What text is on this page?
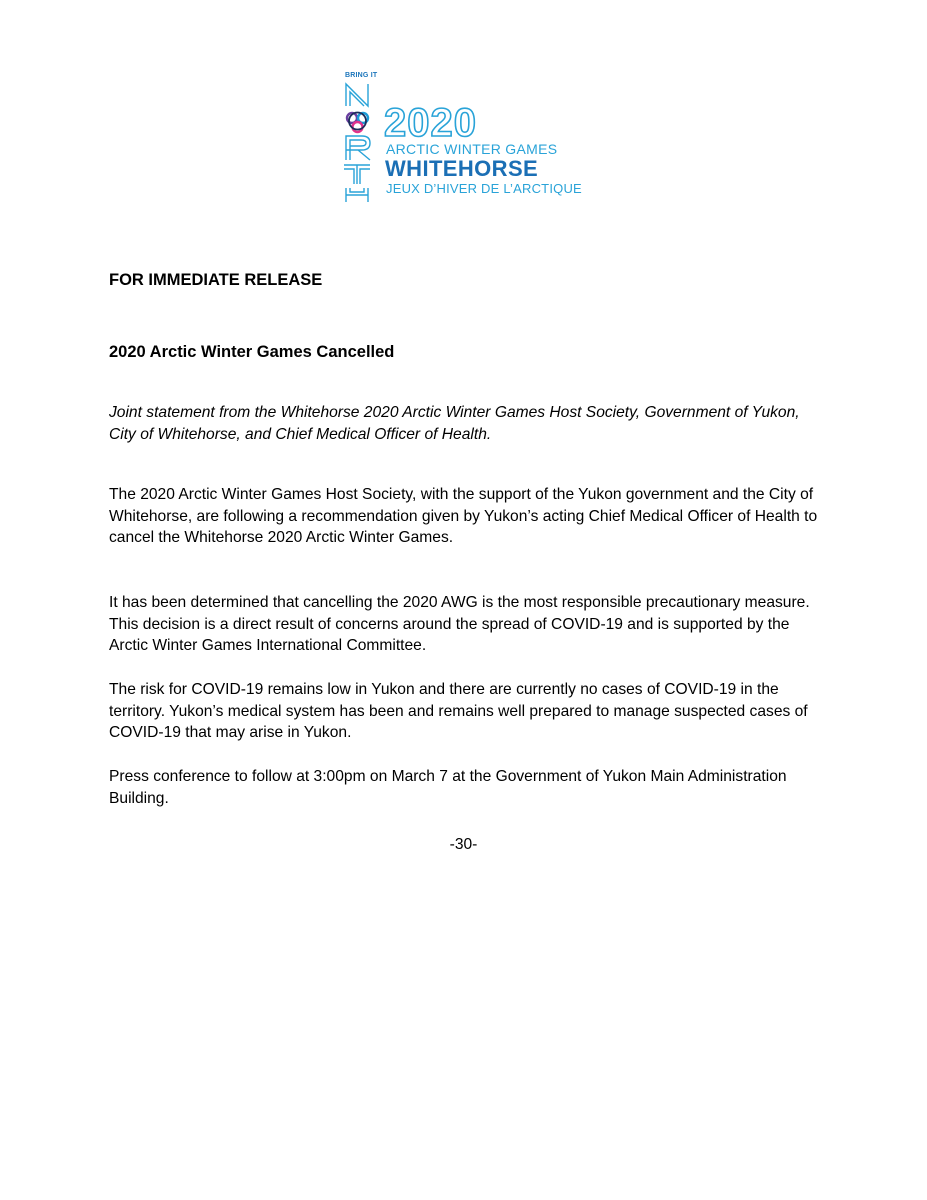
BRING IT
2020
ARCTIC WINTER GAMES
WHITEHORSE
JEUX D’HIVER DE L’ARCTIQUE

FOR IMMEDIATE RELEASE

2020 Arctic Winter Games Cancelled

Joint statement from the Whitehorse 2020 Arctic Winter Games Host Society, Government of Yukon, City of Whitehorse, and Chief Medical Officer of Health.

The 2020 Arctic Winter Games Host Society, with the support of the Yukon government and the City of Whitehorse, are following a recommendation given by Yukon’s acting Chief Medical Officer of Health to cancel the Whitehorse 2020 Arctic Winter Games.

It has been determined that cancelling the 2020 AWG is the most responsible precautionary measure. This decision is a direct result of concerns around the spread of COVID-19 and is supported by the Arctic Winter Games International Committee.

The risk for COVID-19 remains low in Yukon and there are currently no cases of COVID-19 in the territory. Yukon’s medical system has been and remains well prepared to manage suspected cases of COVID-19 that may arise in Yukon.

Press conference to follow at 3:00pm on March 7 at the Government of Yukon Main Administration Building.

-30-
